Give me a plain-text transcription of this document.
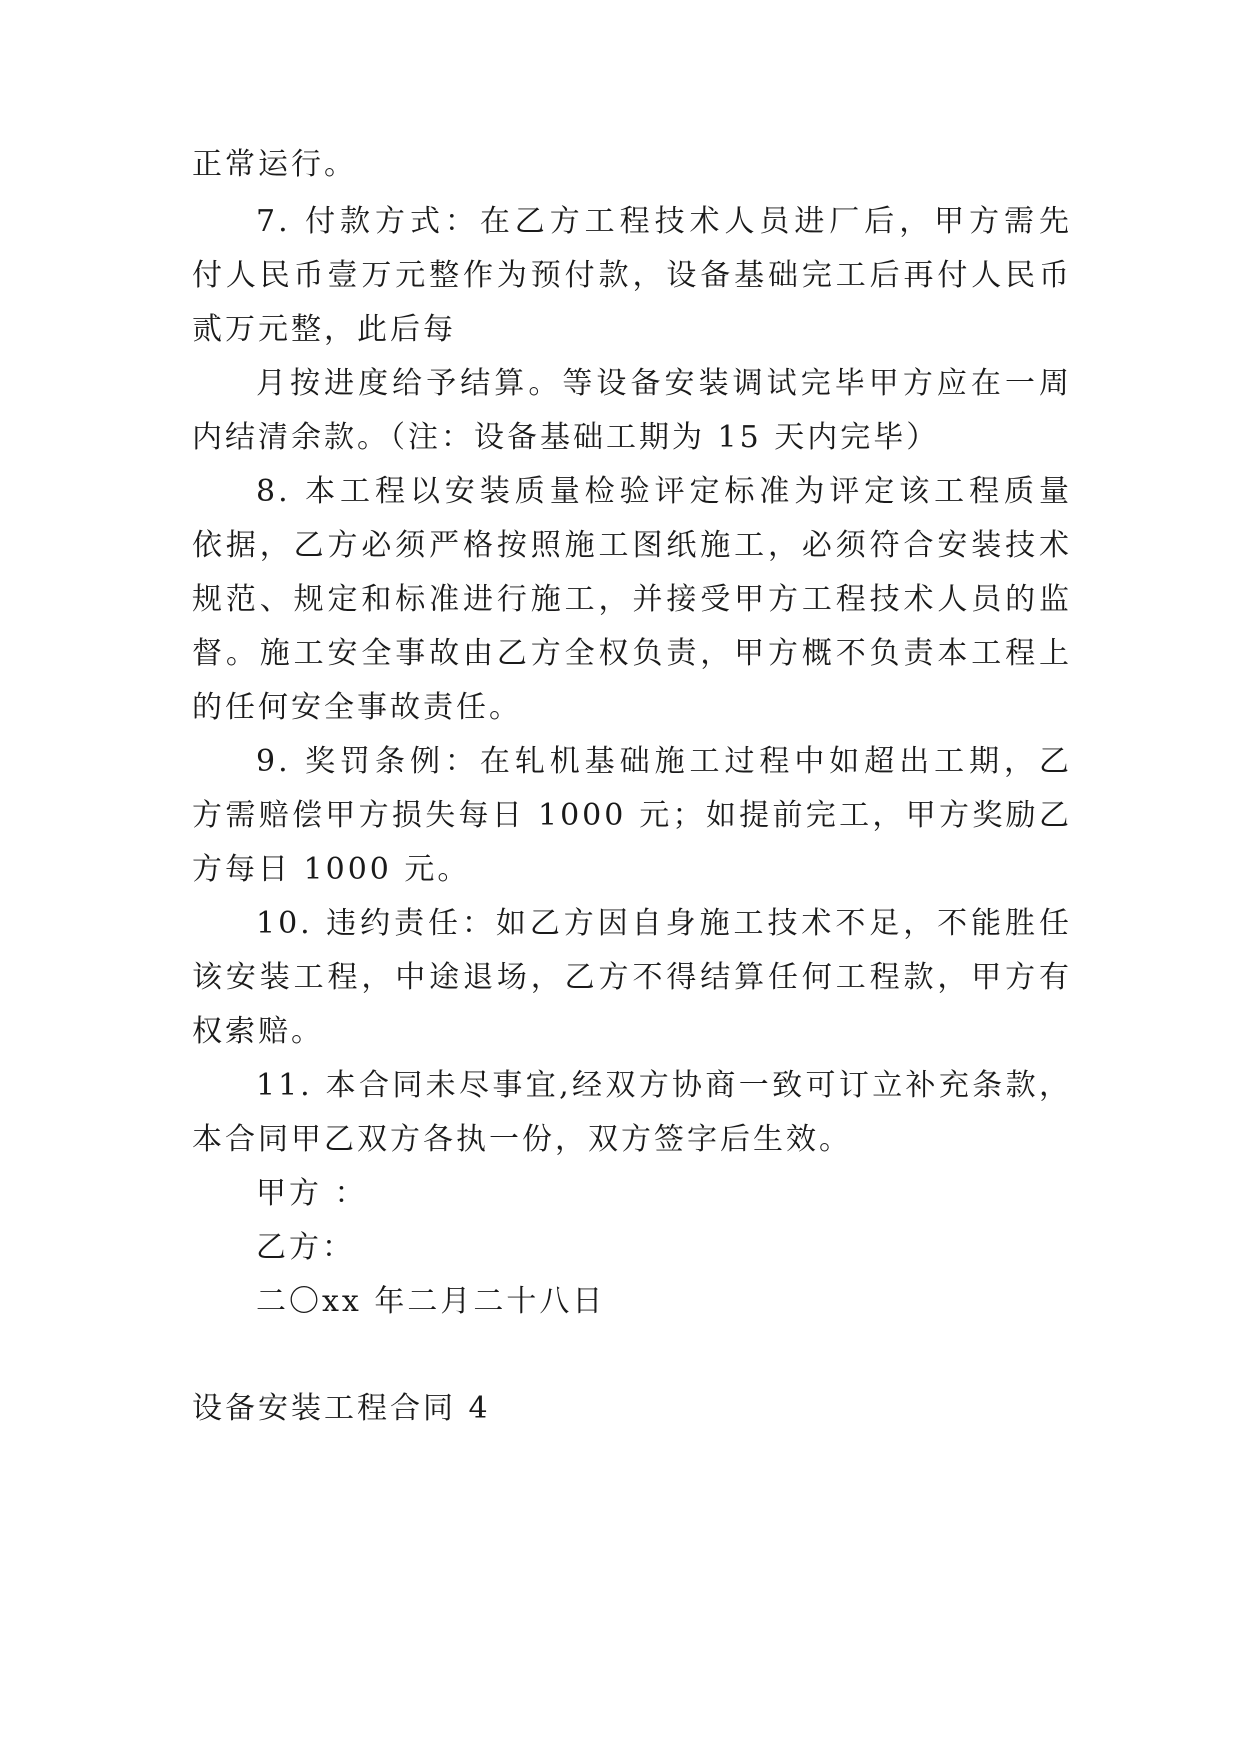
正常运行。

7. 付款方式：在乙方工程技术人员进厂后，甲方需先

付人民币壹万元整作为预付款，设备基础完工后再付人民币

贰万元整，此后每

月按进度给予结算。等设备安装调试完毕甲方应在一周

内结清余款。（注：设备基础工期为 15 天内完毕）

8. 本工程以安装质量检验评定标准为评定该工程质量

依据，乙方必须严格按照施工图纸施工，必须符合安装技术

规范、规定和标准进行施工，并接受甲方工程技术人员的监

督。施工安全事故由乙方全权负责，甲方概不负责本工程上

的任何安全事故责任。

9. 奖罚条例：在轧机基础施工过程中如超出工期，乙

方需赔偿甲方损失每日 1000 元；如提前完工，甲方奖励乙

方每日 1000 元。

10. 违约责任：如乙方因自身施工技术不足，不能胜任

该安装工程，中途退场，乙方不得结算任何工程款，甲方有

权索赔。

11. 本合同未尽事宜,经双方协商一致可订立补充条款，

本合同甲乙双方各执一份，双方签字后生效。

甲方 ：

乙方：

二〇xx 年二月二十八日

设备安装工程合同 4
